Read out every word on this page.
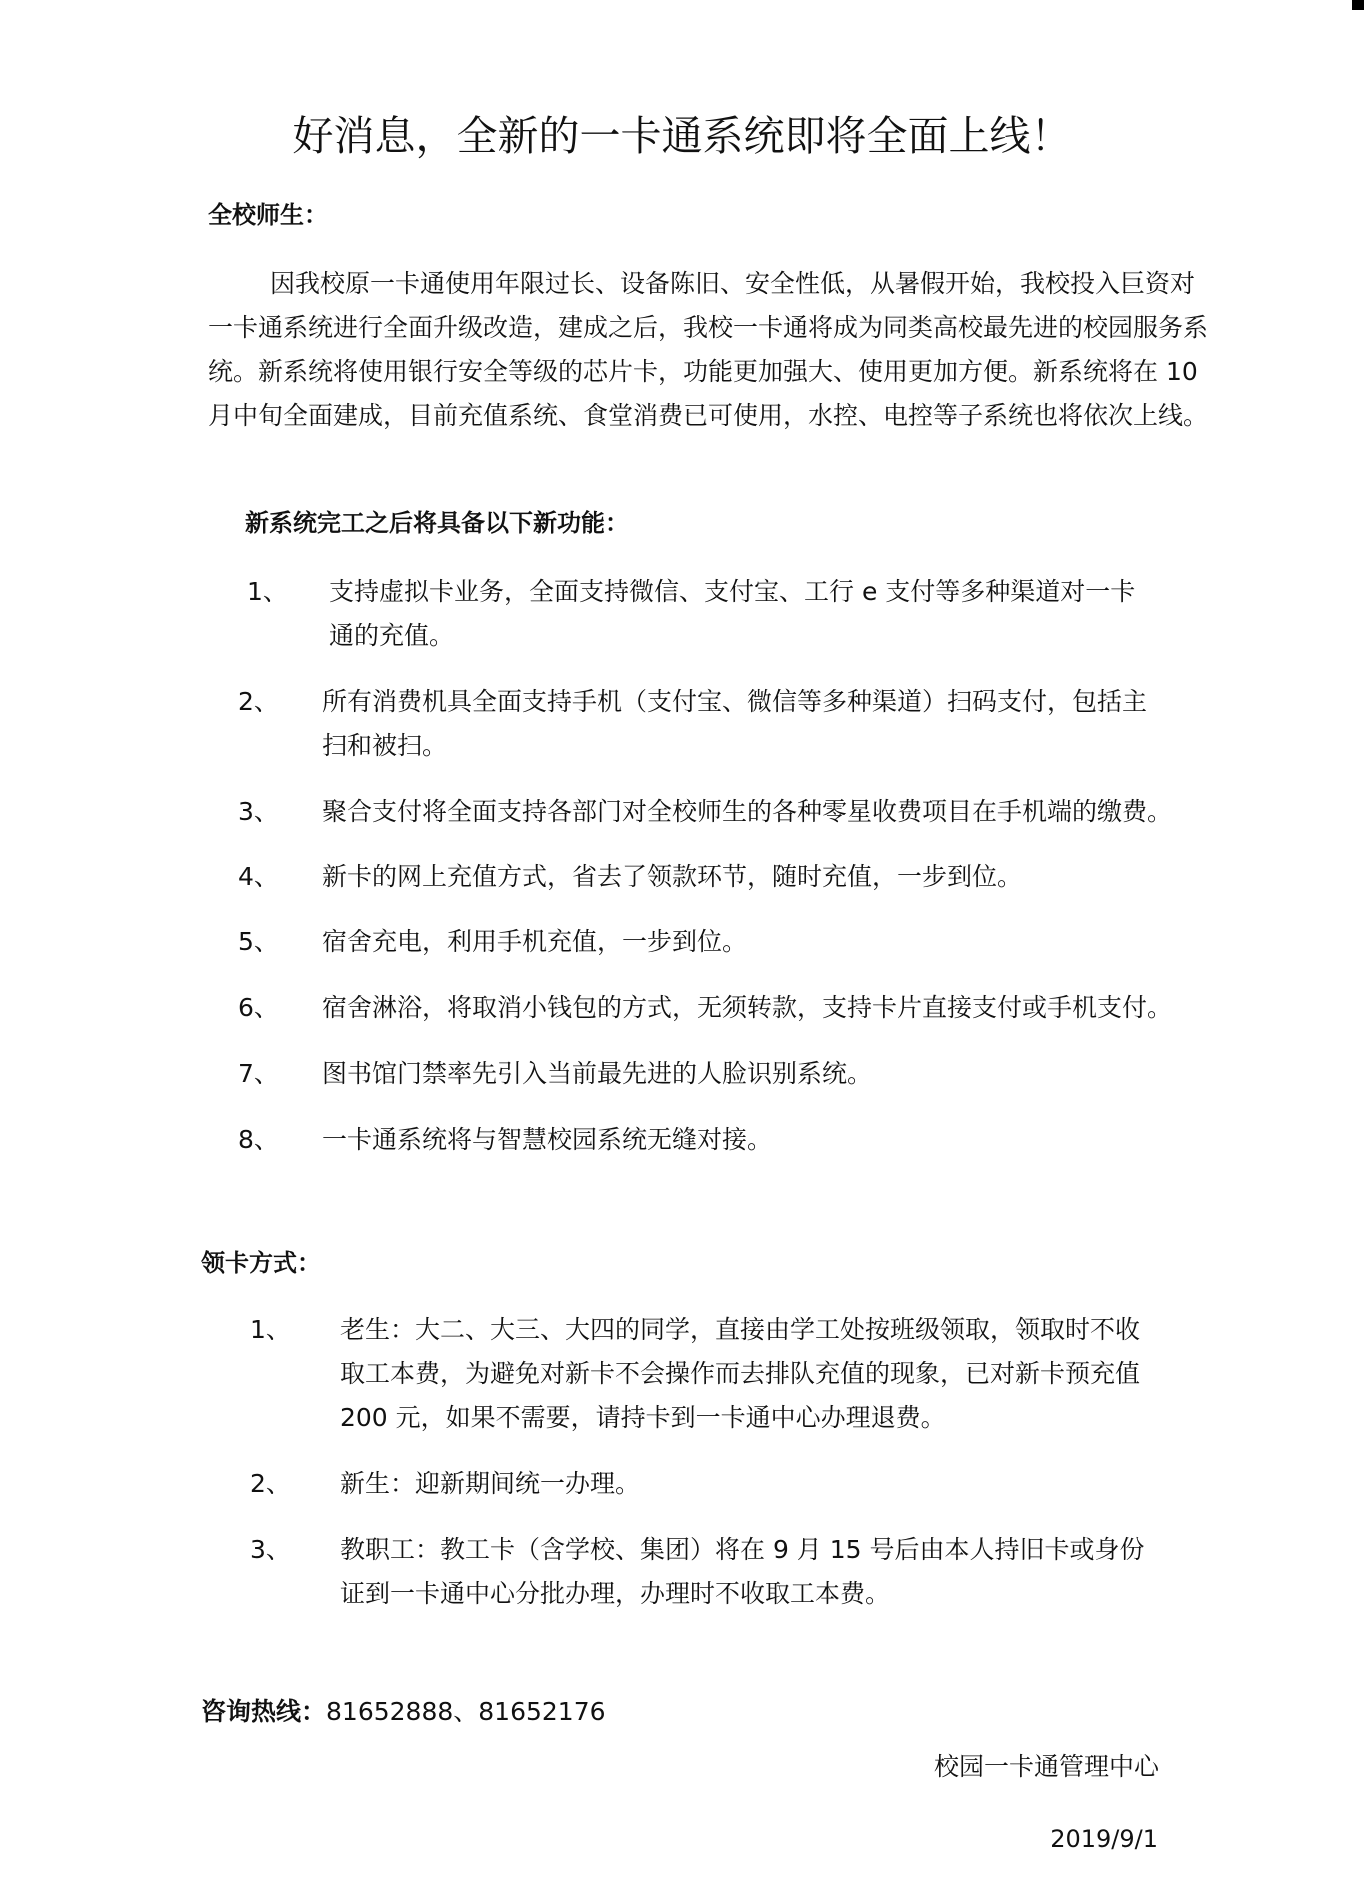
好消息，全新的一卡通系统即将全面上线！

全校师生：

因我校原一卡通使用年限过长、设备陈旧、安全性低，从暑假开始，我校投入巨资对一卡通系统进行全面升级改造，建成之后，我校一卡通将成为同类高校最先进的校园服务系统。新系统将使用银行安全等级的芯片卡，功能更加强大、使用更加方便。新系统将在 10 月中旬全面建成，目前充值系统、食堂消费已可使用，水控、电控等子系统也将依次上线。

新系统完工之后将具备以下新功能：

1、 支持虚拟卡业务，全面支持微信、支付宝、工行 e 支付等多种渠道对一卡通的充值。
2、 所有消费机具全面支持手机（支付宝、微信等多种渠道）扫码支付，包括主扫和被扫。
3、 聚合支付将全面支持各部门对全校师生的各种零星收费项目在手机端的缴费。
4、 新卡的网上充值方式，省去了领款环节，随时充值，一步到位。
5、 宿舍充电，利用手机充值，一步到位。
6、 宿舍淋浴，将取消小钱包的方式，无须转款，支持卡片直接支付或手机支付。
7、 图书馆门禁率先引入当前最先进的人脸识别系统。
8、 一卡通系统将与智慧校园系统无缝对接。

领卡方式：

1、 老生：大二、大三、大四的同学，直接由学工处按班级领取，领取时不收取工本费，为避免对新卡不会操作而去排队充值的现象，已对新卡预充值 200 元，如果不需要，请持卡到一卡通中心办理退费。
2、 新生：迎新期间统一办理。
3、 教职工：教工卡（含学校、集团）将在 9 月 15 号后由本人持旧卡或身份证到一卡通中心分批办理，办理时不收取工本费。
咨询热线：81652888、81652176
校园一卡通管理中心
2019/9/1
